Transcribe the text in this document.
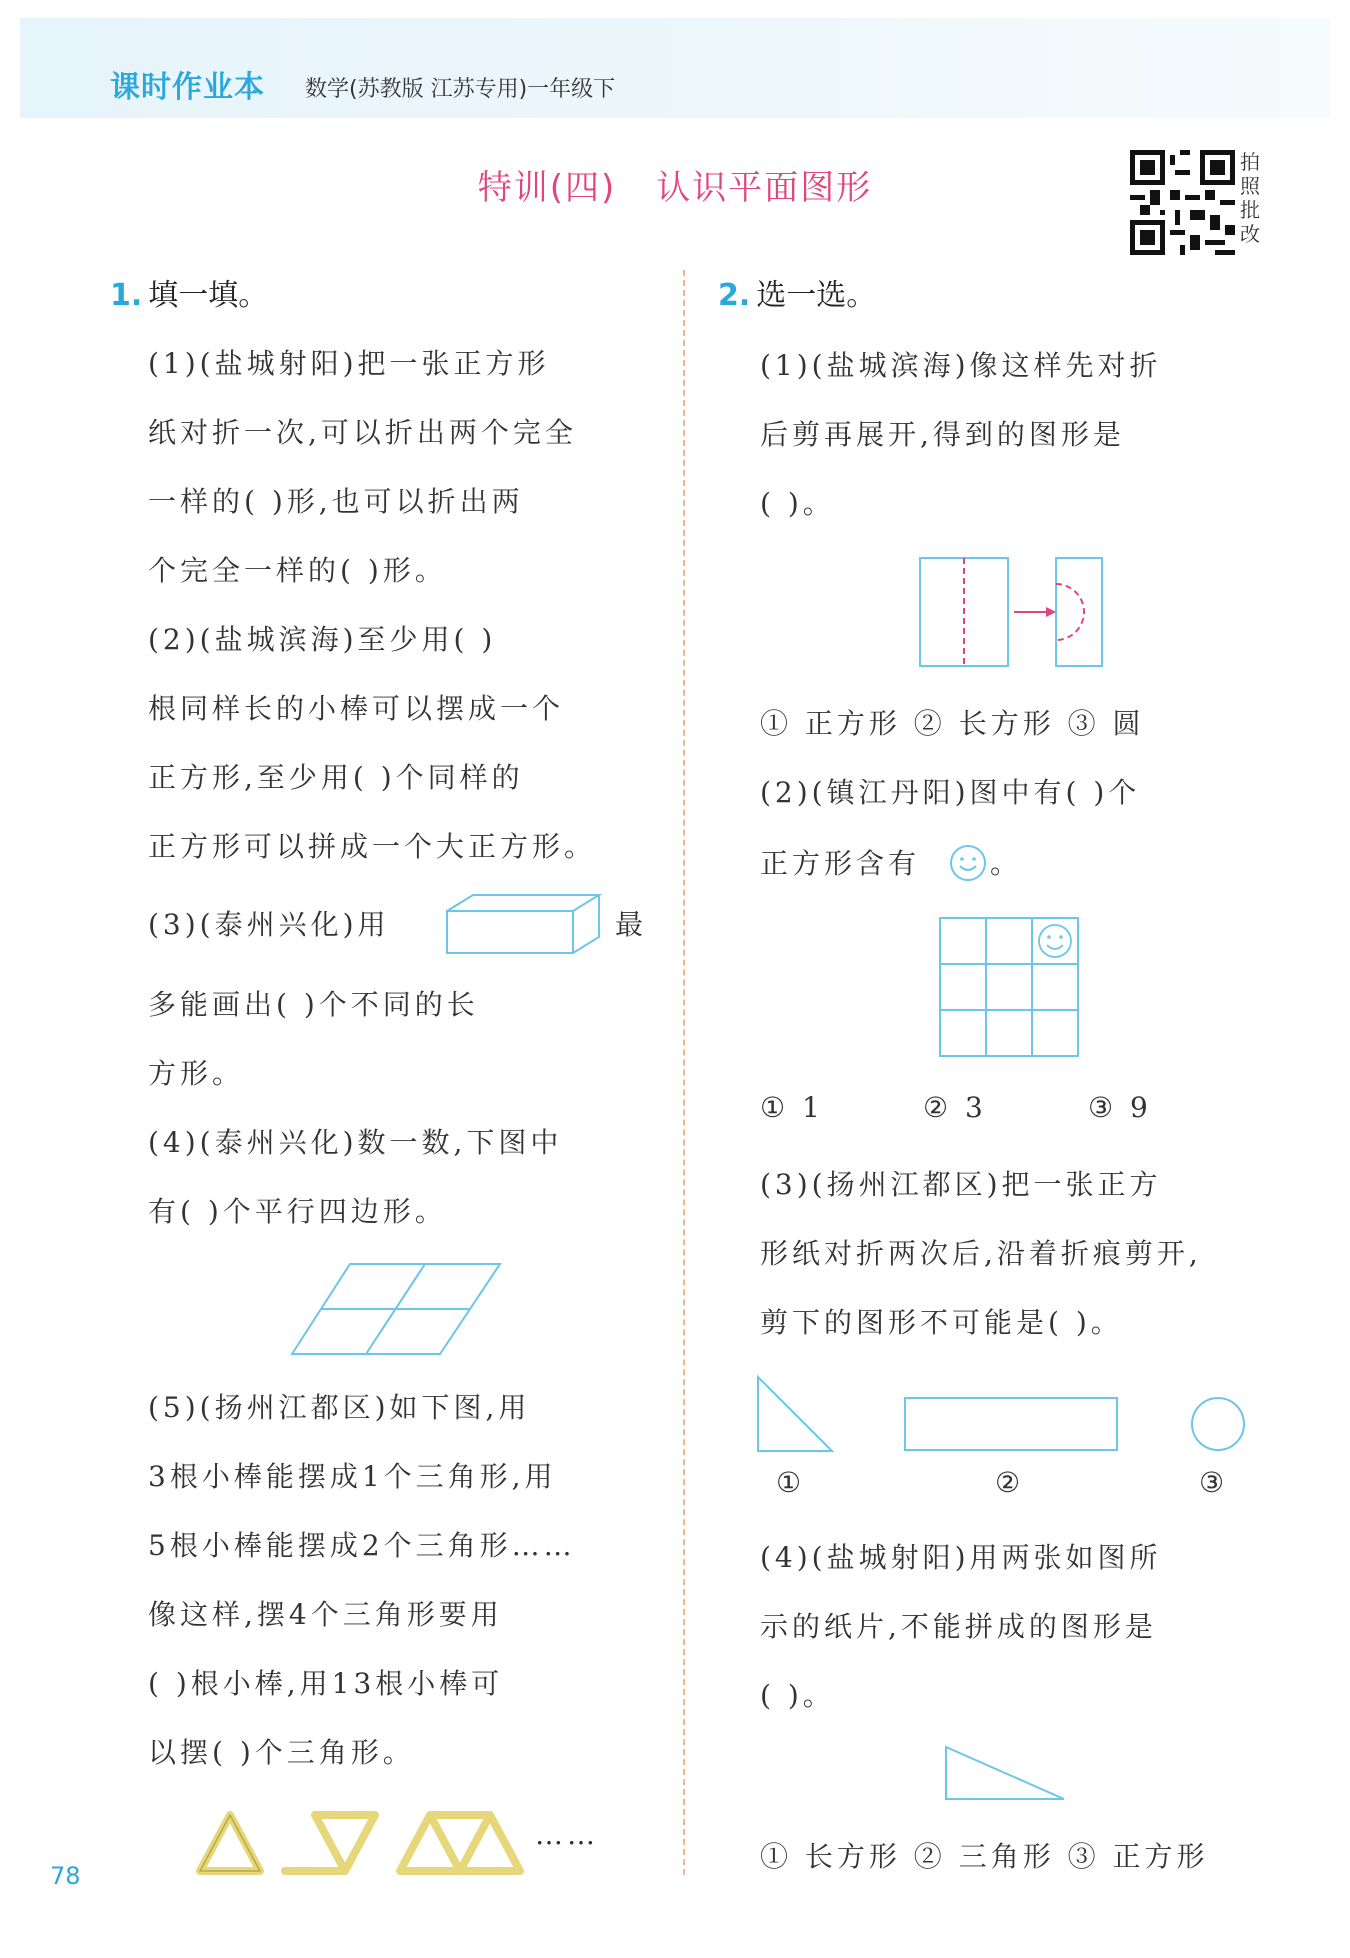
课时作业本 数学(苏教版 江苏专用)一年级下
特训(四) 认识平面图形
拍照批改
1. 填一填。
(1)(盐城射阳)把一张正方形
纸对折一次,可以折出两个完全
一样的( )形,也可以折出两
个完全一样的( )形。
(2)(盐城滨海)至少用( )
根同样长的小棒可以摆成一个
正方形,至少用( )个同样的
正方形可以拼成一个大正方形。
(3)(泰州兴化)用	最
多能画出( )个不同的长
方形。
(4)(泰州兴化)数一数,下图中
有( )个平行四边形。
(5)(扬州江都区)如下图,用
3根小棒能摆成1个三角形,用
5根小棒能摆成2个三角形……
像这样,摆4个三角形要用
( )根小棒,用13根小棒可
以摆( )个三角形。
……
2. 选一选。
(1)(盐城滨海)像这样先对折
后剪再展开,得到的图形是
( )。
① 正方形 ② 长方形 ③ 圆
(2)(镇江丹阳)图中有( )个
正方形含有 。
① 1	② 3	③ 9
(3)(扬州江都区)把一张正方
形纸对折两次后,沿着折痕剪开,
剪下的图形不可能是( )。
①	②	③
(4)(盐城射阳)用两张如图所
示的纸片,不能拼成的图形是
( )。
① 长方形 ② 三角形 ③ 正方形
78
